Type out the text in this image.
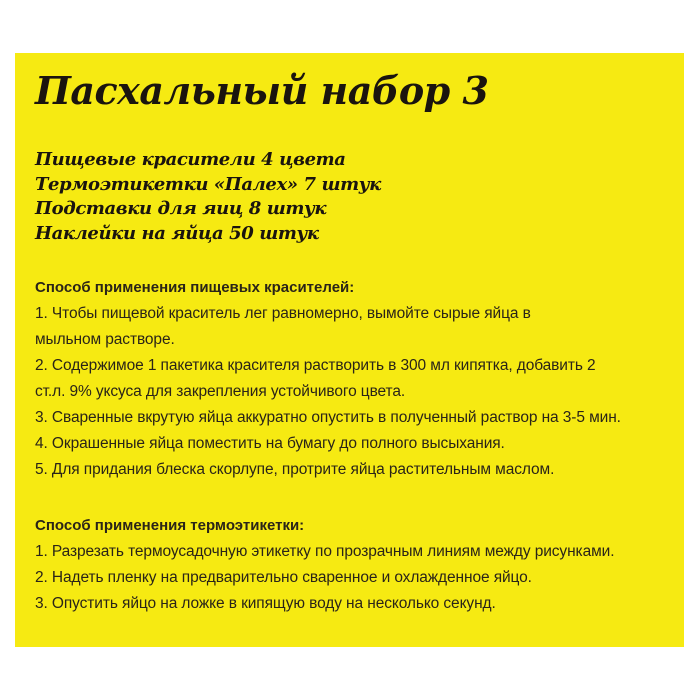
Пасхальный набор 3
Пищевые красители 4 цвета
Термоэтикетки «Палех» 7 штук
Подставки для яиц 8 штук
Наклейки на яйца 50 штук
Способ применения пищевых красителей:
1. Чтобы пищевой краситель лег равномерно, вымойте сырые яйца в мыльном растворе.
2. Содержимое 1 пакетика красителя растворить в 300 мл кипятка, добавить 2 ст.л. 9% уксуса для закрепления устойчивого цвета.
3. Сваренные вкрутую яйца аккуратно опустить в полученный раствор на 3-5 мин.
4. Окрашенные яйца поместить на бумагу до полного высыхания.
5. Для придания блеска скорлупе, протрите яйца растительным маслом.
Способ применения термоэтикетки:
1. Разрезать термоусадочную этикетку по прозрачным линиям между рисунками.
2. Надеть пленку на предварительно сваренное и охлажденное яйцо.
3. Опустить яйцо на ложке в кипящую воду на несколько секунд.
